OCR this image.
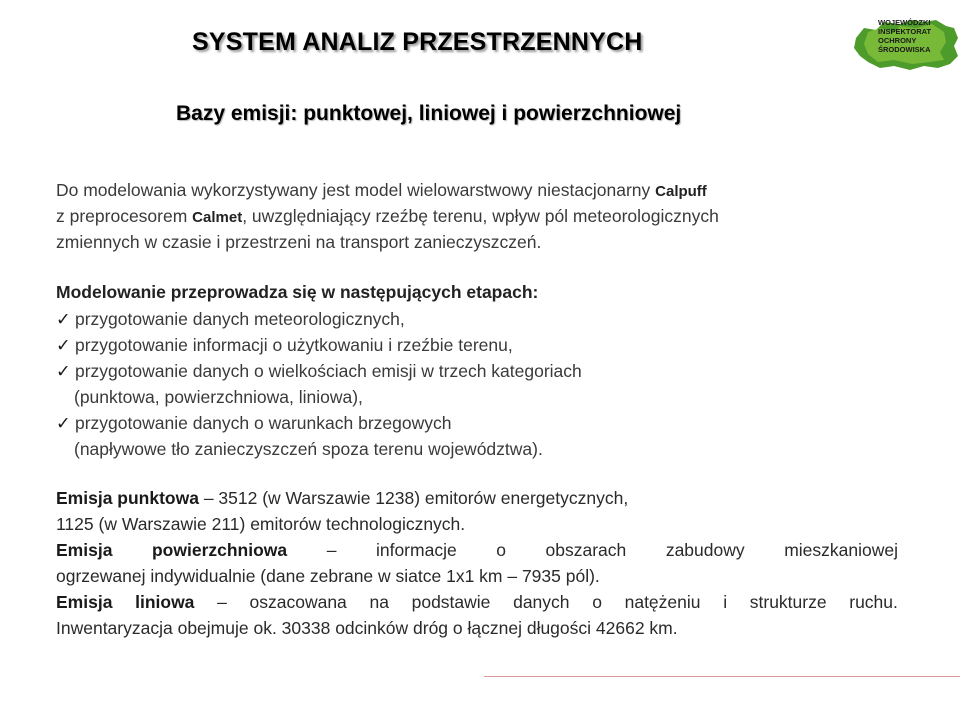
SYSTEM ANALIZ PRZESTRZENNYCH
WOJEWÓDZKI
INSPEKTORAT
OCHRONY
ŚRODOWISKA
Bazy emisji: punktowej, liniowej i powierzchniowej
Do modelowania wykorzystywany jest model wielowarstwowy niestacjonarny Calpuff
z preprocesorem Calmet, uwzględniający rzeźbę terenu, wpływ pól meteorologicznych
zmiennych w czasie i przestrzeni na transport zanieczyszczeń.
Modelowanie przeprowadza się w następujących etapach:
✓ przygotowanie danych meteorologicznych,
✓ przygotowanie informacji o użytkowaniu i rzeźbie terenu,
✓ przygotowanie danych o wielkościach emisji w trzech kategoriach
(punktowa, powierzchniowa, liniowa),
✓ przygotowanie danych o warunkach brzegowych
(napływowe tło zanieczyszczeń spoza terenu województwa).
Emisja punktowa – 3512 (w Warszawie 1238) emitorów energetycznych,
1125 (w Warszawie 211) emitorów technologicznych.
Emisja powierzchniowa – informacje o obszarach zabudowy mieszkaniowej
ogrzewanej indywidualnie (dane zebrane w siatce 1x1 km – 7935 pól).
Emisja liniowa – oszacowana na podstawie danych o natężeniu i strukturze ruchu.
Inwentaryzacja obejmuje ok. 30338 odcinków dróg o łącznej długości 42662 km.
